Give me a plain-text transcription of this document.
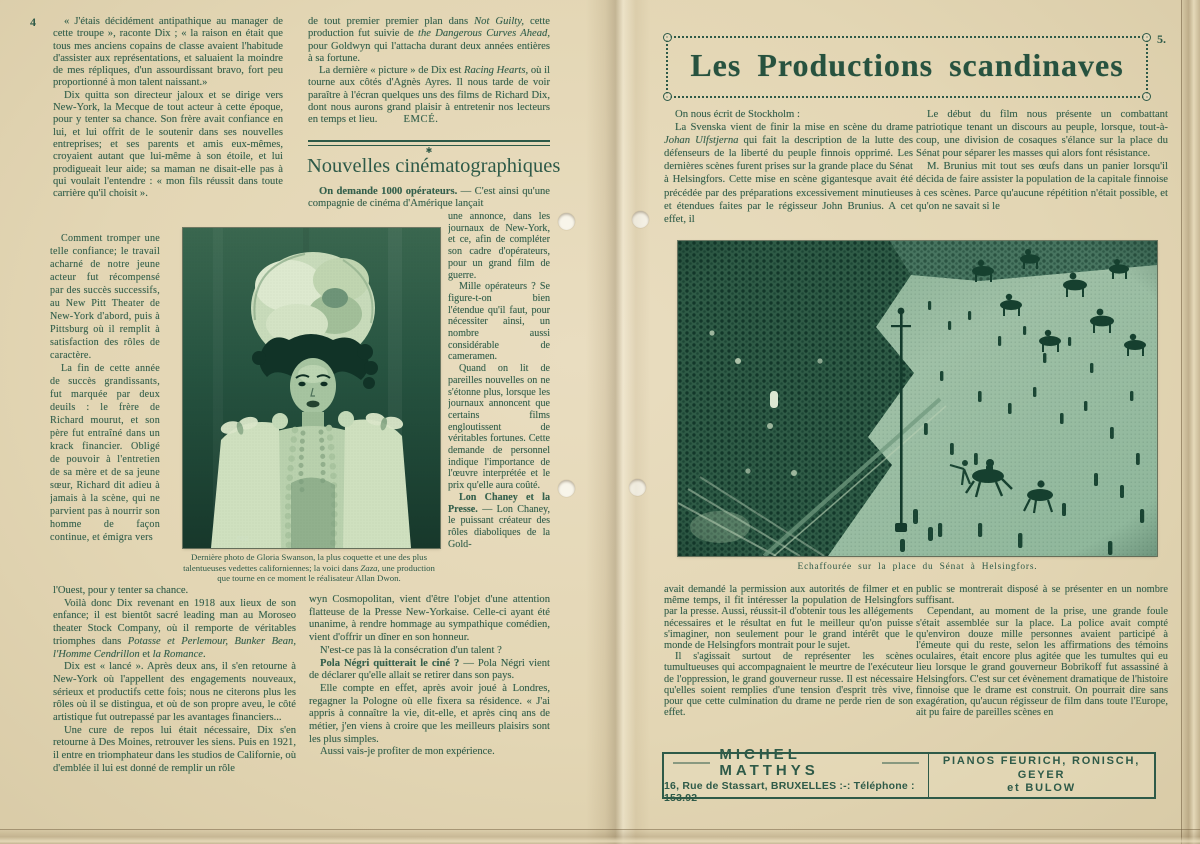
4	« J'étais décidément antipathique au manager de cette troupe », raconte Dix ; « la raison en était que tous mes anciens copains de classe avaient l'habitude d'assister aux représentations, et saluaient la moindre de mes répliques, d'un assourdissant bravo, fort peu proportionné à mon talent naissant.»

Dix quitta son directeur jaloux et se dirige vers New-York, la Mecque de tout acteur à cette époque, pour y tenter sa chance. Son frère avait confiance en lui, et lui offrit de le soutenir dans ses nouvelles entreprises; et ses parents et amis eux-mêmes, croyaient autant que lui-même à son étoile, et lui prodigueait leur aide; sa maman ne disait-elle pas à qui voulait l'entendre : « mon fils réussit dans toute carrière qu'il choisit ».

Comment tromper une telle confiance; le travail acharné de notre jeune acteur fut récompensé par des succès successifs, au New Pitt Theater de New-York d'abord, puis à Pittsburg où il remplit à satisfaction des rôles de caractère.

La fin de cette année de succès grandissants, fut marquée par deux deuils : le frère de Richard mourut, et son père fut entraîné dans un krack financier. Obligé de pouvoir à l'entretien de sa mère et de sa jeune sœur, Richard dit adieu à jamais à la scène, qui ne parvient pas à nourrir son homme de façon continue, et émigra vers	668
Dernière photo de Gloria Swanson, la plus coquette et une des plus talentueuses vedettes californiennes; la voici dans Zaza, une production que tourne en ce moment le réalisateur Allan Dwon.

l'Ouest, pour y tenter sa chance.

Voilà donc Dix revenant en 1918 aux lieux de son enfance; il est bientôt sacré leading man au Moroseo theater Stock Company, où il remporte de véritables triomphes dans Potasse et Perlemour, Bunker Bean, l'Homme Cendrillon et la Romance.

Dix est « lancé ». Après deux ans, il s'en retourne à New-York où l'appellent des engagements nouveaux, sérieux et productifs cette fois; nous ne citerons plus les rôles où il se distingua, et où de son propre aveu, le côté artistique fut outrepassé par les avantages financiers...

Une cure de repos lui était nécessaire, Dix s'en retourne à Des Moines, retrouver les siens. Puis en 1921, il entre en triomphateur dans les studios de Californie, où d'emblée il lui est donné de remplir un rôle

de tout premier premier plan dans Not Guilty, cette production fut suivie de the Dangerous Curves Ahead, pour Goldwyn qui l'attacha durant deux années entières à sa fortune.

La dernière « picture » de Dix est Racing Hearts, où il tourne aux côtés d'Agnès Ayres. Il nous tarde de voir paraître à l'écran quelques uns des films de Richard Dix, dont nous aurons grand plaisir à entretenir nos lecteurs en temps et lieu. EMCÉ.

✱
Nouvelles cinématographiques

On demande 1000 opérateurs. — C'est ainsi qu'une compagnie de cinéma d'Amérique lançait

une annonce, dans les journaux de New-York, et ce, afin de compléter son cadre d'opérateurs, pour un grand film de guerre.

Mille opérateurs ? Se figure-t-on bien l'étendue qu'il faut, pour nécessiter ainsi, un nombre aussi considérable de cameramen.

Quand on lit de pareilles nouvelles on ne s'étonne plus, lorsque les journaux annoncent que certains films engloutissent de véritables fortunes. Cette demande de personnel indique l'importance de l'œuvre interprétée et le prix qu'elle aura coûté.

Lon Chaney et la Presse. — Lon Chaney, le puissant créateur des rôles diaboliques de la Gold-

wyn Cosmopolitan, vient d'être l'objet d'une attention flatteuse de la Presse New-Yorkaise. Celle-ci ayant été unanime, à rendre hommage au sympathique comédien, vient d'offrir un dîner en son honneur.

N'est-ce pas là la consécration d'un talent ?

Pola Négri quitterait le ciné ? — Pola Négri vient de déclarer qu'elle allait se retirer dans son pays.

Elle compte en effet, après avoir joué à Londres, regagner la Pologne où elle fixera sa résidence. « J'ai appris à connaître la vie, dit-elle, et après cinq ans de métier, j'en viens à croire que les meilleurs plaisirs sont les plus simples.

Aussi vais-je profiter de mon expérience.

5.
Les Productions scandinaves

On nous écrit de Stockholm :

La Svenska vient de finir la mise en scène du drame Johan Ulfstjerna qui fait la description de la lutte des défenseurs de la liberté du peuple finnois opprimé. Les dernières scènes furent prises sur la grande place du Sénat à Helsingfors. Cette mise en scène gigantesque avait été précédée par des préparations excessivement minutieuses et étendues faites par le régisseur John Brunius. A cet effet, il

Le début du film nous présente un combattant patriotique tenant un discours au peuple, lorsque, tout-à-coup, une division de cosaques s'élance sur la place du Sénat pour séparer les masses qui alors font résistance.

M. Brunius mit tout ses œufs dans un panier lorsqu'il décida de faire assister la population de la capitale finnoise à ces scènes. Parce qu'aucune répétition n'était possible, et qu'on ne savait si le

Echaffourée sur la place du Sénat à Helsingfors.

avait demandé la permission aux autorités de filmer et en même temps, il fit intéresser la population de Helsingfors par la presse. Aussi, réussit-il d'obtenir tous les allégements nécessaires et le résultat en fut le meilleur qu'on puisse s'imaginer, non seulement pour le grand intérêt que le monde de Helsingfors montrait pour le sujet.

Il s'agissait surtout de représenter les scènes tumultueuses qui accompagnaient le meurtre de l'exécuteur de l'oppression, le grand gouverneur russe. Il est nécessaire qu'elles soient remplies d'une tension d'esprit très vive, pour que cette culmination du drame ne perde rien de son effet.

public se montrerait disposé à se présenter en un nombre suffisant.

Cependant, au moment de la prise, une grande foule s'était assemblée sur la place. La police avait compté qu'environ douze mille personnes avaient participé à l'émeute qui du reste, selon les affirmations des témoins oculaires, était encore plus agitée que les tumultes qui eu lieu lorsque le grand gouverneur Bobrikoff fut assassiné à Helsingfors. C'est sur cet évènement dramatique de l'histoire finnoise que le drame est construit. On pourrait dire sans exagération, qu'aucun régisseur de film dans toute l'Europe, ait pu faire de pareilles scènes en

MICHEL MATTHYS
16, Rue de Stassart, BRUXELLES :-: Téléphone : 153.92
PIANOS FEURICH, RONISCH, GEYER
et BULOW
